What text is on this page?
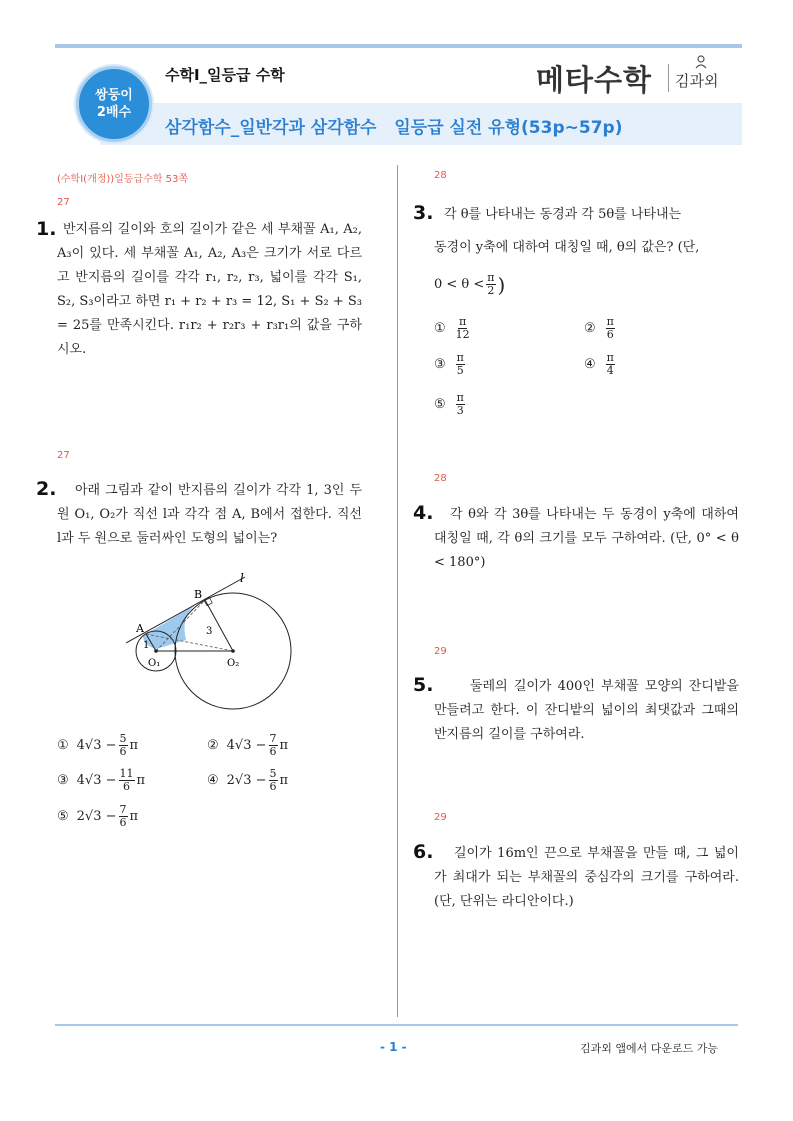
쌍둥이
2배수
수학Ⅰ_일등급 수학
삼각함수_일반각과 삼각함수   일등급 실전 유형(53p~57p)
메타수학 김과외
(수학I(개정))일등급수학 53쪽
27
1. 반지름의 길이와 호의 길이가 같은 세 부채꼴 A₁, A₂, A₃이 있다. 세 부채꼴 A₁, A₂, A₃은 크기가 서로 다르고 반지름의 길이를 각각 r₁, r₂, r₃, 넓이를 각각 S₁, S₂, S₃이라고 하면 r₁ + r₂ + r₃ = 12, S₁ + S₂ + S₃ = 25를 만족시킨다. r₁r₂ + r₂r₃ + r₃r₁의 값을 구하시오.
27
2.	아래 그림과 같이 반지름의 길이가 각각 1, 3인 두 원 O₁, O₂가 직선 l과 각각 점 A, B에서 접한다. 직선 l과 두 원으로 둘러싸인 도형의 넓이는?
l
A
B
O₁	O₂
1
3
① $4√3 - \frac{5}{6}$ π	② $4√3 - \frac{7}{6}$ π
③ $4√3 - \frac{11}{6}$ π	④ $2√3 - \frac{5}{6}$ π
⑤ $2√3 - \frac{7}{6}$ π
28
3. 각 θ를 나타내는 동경과 각 5θ를 나타내는
동경이 y축에 대하여 대칭일 때, θ의 값은? (단,
$0 < \theta < \frac{\pi}{2}$ )
① $\frac{\pi}{12}$	② $\frac{\pi}{6}$
③ $\frac{\pi}{5}$	④ $\frac{\pi}{4}$
⑤ $\frac{\pi}{3}$
28
4.	각 θ와 각 3θ를 나타내는 두 동경이 y축에 대하여 대칭일 때, 각 θ의 크기를 모두 구하여라. (단, 0° < θ < 180°)
29
5.	둘레의 길이가 400인 부채꼴 모양의 잔디밭을 만들려고 한다. 이 잔디밭의 넓이의 최댓값과 그때의 반지름의 길이를 구하여라.
29
6.	길이가 16m인 끈으로 부채꼴을 만들 때, 그 넓이가 최대가 되는 부채꼴의 중심각의 크기를 구하여라. (단, 단위는 라디안이다.)
- 1 -	김과외 앱에서 다운로드 가능
